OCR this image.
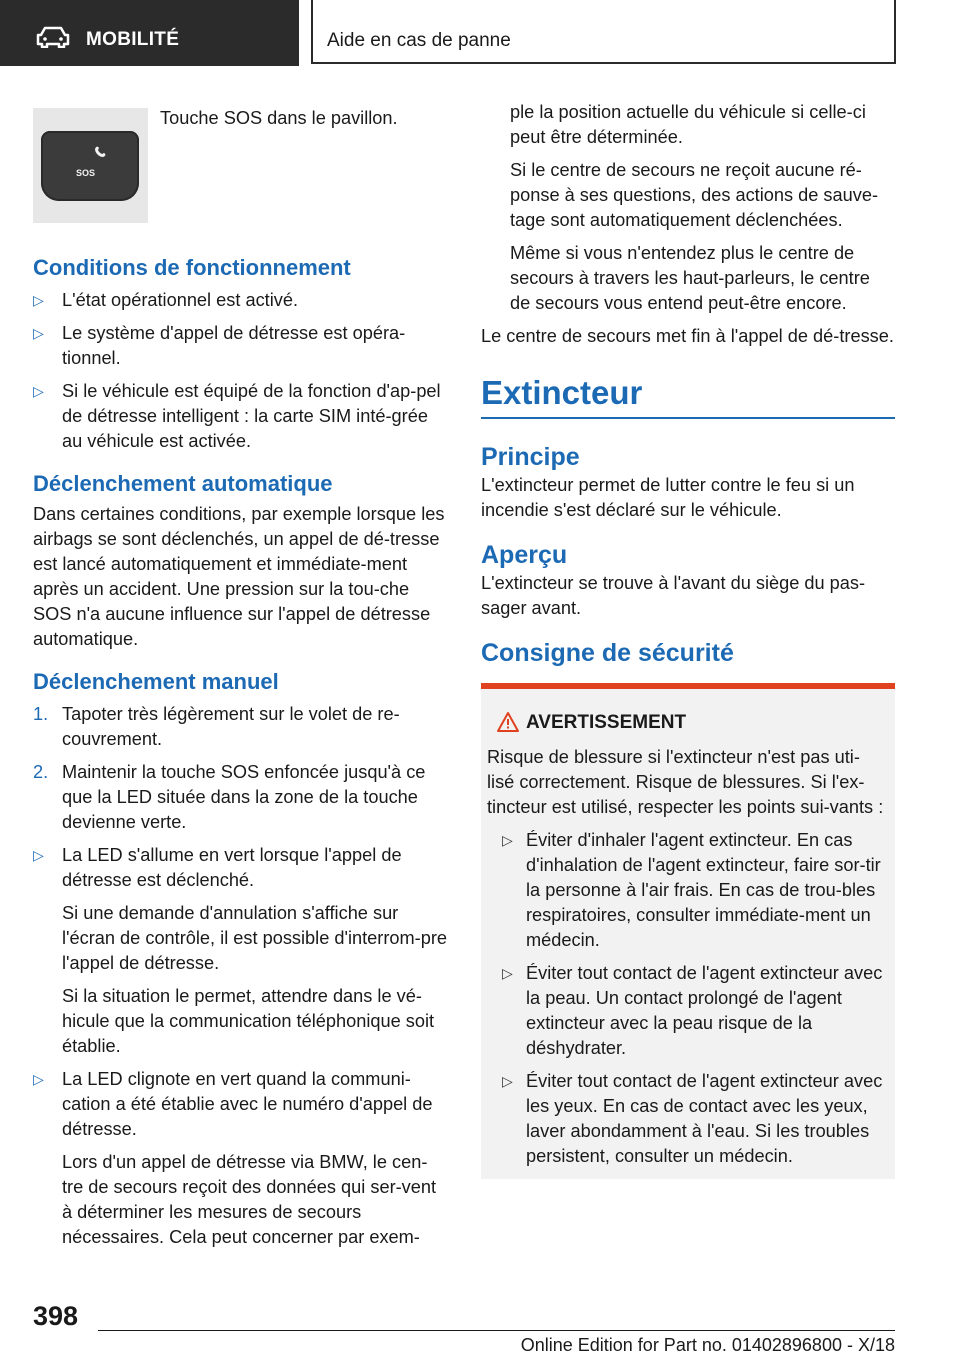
MOBILITÉ	Aide en cas de panne
SOS
Touche SOS dans le pavillon.
Conditions de fonctionnement
▷ L'état opérationnel est activé.

▷ Le système d'appel de détresse est opéra‐tionnel.

▷ Si le véhicule est équipé de la fonction d'ap‐pel de détresse intelligent : la carte SIM inté‐grée au véhicule est activée.

Déclenchement automatique

Dans certaines conditions, par exemple lorsque les airbags se sont déclenchés, un appel de dé‐tresse est lancé automatiquement et immédiate‐ment après un accident. Une pression sur la tou‐che SOS n'a aucune influence sur l'appel de détresse automatique.

Déclenchement manuel
1. Tapoter très légèrement sur le volet de re‐couvrement.

2. Maintenir la touche SOS enfoncée jusqu'à ce que la LED située dans la zone de la touche devienne verte.

▷ La LED s'allume en vert lorsque l'appel de détresse est déclenché.

Si une demande d'annulation s'affiche sur l'écran de contrôle, il est possible d'interrom‐pre l'appel de détresse.

Si la situation le permet, attendre dans le vé‐hicule que la communication téléphonique soit établie.

▷ La LED clignote en vert quand la communi‐cation a été établie avec le numéro d'appel de détresse.

Lors d'un appel de détresse via BMW, le cen‐tre de secours reçoit des données qui ser‐vent à déterminer les mesures de secours nécessaires. Cela peut concerner par exem‐

ple la position actuelle du véhicule si celle-ci peut être déterminée.

Si le centre de secours ne reçoit aucune ré‐ponse à ses questions, des actions de sauve‐tage sont automatiquement déclenchées.

Même si vous n'entendez plus le centre de secours à travers les haut-parleurs, le centre de secours vous entend peut-être encore.

Le centre de secours met fin à l'appel de dé‐tresse.

Extincteur
Principe

L'extincteur permet de lutter contre le feu si un incendie s'est déclaré sur le véhicule.

Aperçu

L'extincteur se trouve à l'avant du siège du pas‐sager avant.

Consigne de sécurité
AVERTISSEMENT

Risque de blessure si l'extincteur n'est pas uti‐lisé correctement. Risque de blessures. Si l'ex‐tincteur est utilisé, respecter les points sui‐vants :

▷ Éviter d'inhaler l'agent extincteur. En cas d'inhalation de l'agent extincteur, faire sor‐tir la personne à l'air frais. En cas de trou‐bles respiratoires, consulter immédiate‐ment un médecin.

▷ Éviter tout contact de l'agent extincteur avec la peau. Un contact prolongé de l'agent extincteur avec la peau risque de la déshydrater.

▷ Éviter tout contact de l'agent extincteur avec les yeux. En cas de contact avec les yeux, laver abondamment à l'eau. Si les troubles persistent, consulter un médecin.

398
Online Edition for Part no. 01402896800 - X/18
